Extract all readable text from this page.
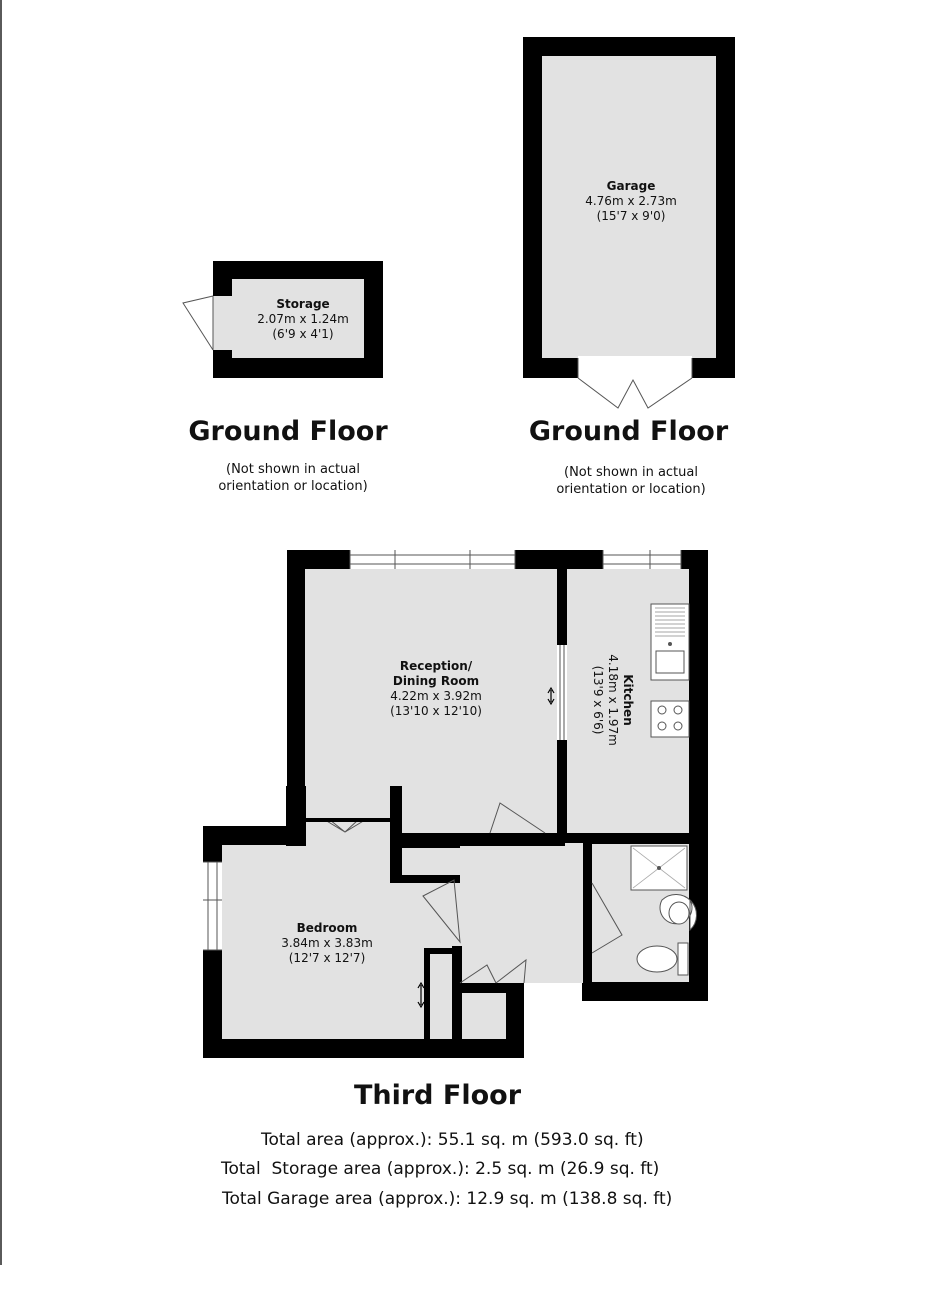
Storage
2.07m x 1.24m
(6'9 x 4'1)
Garage
4.76m x 2.73m
(15'7 x 9'0)
Reception/
Dining Room
4.22m x 3.92m
(13'10 x 12'10)	Kitchen
4.18m x 1.97m
(13'9 x 6'6)
Bedroom
3.84m x 3.83m
(12'7 x 12'7)
Ground Floor
(Not shown in actual
orientation or location)
Ground Floor
(Not shown in actual
orientation or location)
Third Floor
Total area (approx.): 55.1 sq. m (593.0 sq. ft)
Total  Storage area (approx.): 2.5 sq. m (26.9 sq. ft)
Total Garage area (approx.): 12.9 sq. m (138.8 sq. ft)
